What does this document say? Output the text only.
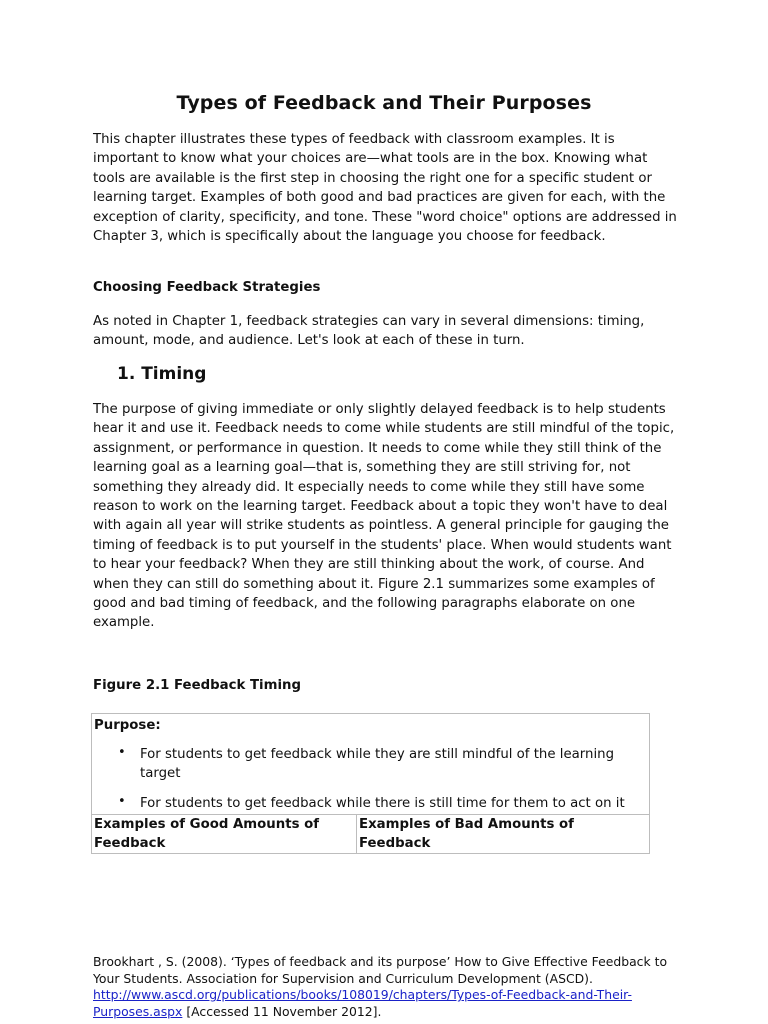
Types of Feedback and Their Purposes

This chapter illustrates these types of feedback with classroom examples. It is important to know what your choices are—what tools are in the box. Knowing what tools are available is the first step in choosing the right one for a specific student or learning target. Examples of both good and bad practices are given for each, with the exception of clarity, specificity, and tone. These "word choice" options are addressed in Chapter 3, which is specifically about the language you choose for feedback.

Choosing Feedback Strategies

As noted in Chapter 1, feedback strategies can vary in several dimensions: timing, amount, mode, and audience. Let's look at each of these in turn.

1. Timing

The purpose of giving immediate or only slightly delayed feedback is to help students hear it and use it. Feedback needs to come while students are still mindful of the topic, assignment, or performance in question. It needs to come while they still think of the learning goal as a learning goal—that is, something they are still striving for, not something they already did. It especially needs to come while they still have some reason to work on the learning target. Feedback about a topic they won't have to deal with again all year will strike students as pointless. A general principle for gauging the timing of feedback is to put yourself in the students' place. When would students want to hear your feedback? When they are still thinking about the work, of course. And when they can still do something about it. Figure 2.1 summarizes some examples of good and bad timing of feedback, and the following paragraphs elaborate on one example.

Figure 2.1 Feedback Timing

Purpose:
• For students to get feedback while they are still mindful of the learning target
• For students to get feedback while there is still time for them to act on it

Examples of Good Amounts of Feedback	Examples of Bad Amounts of Feedback

Brookhart , S. (2008). ‘Types of feedback and its purpose’ How to Give Effective Feedback to Your Students. Association for Supervision and Curriculum Development (ASCD). http://www.ascd.org/publications/books/108019/chapters/Types-of-Feedback-and-Their-Purposes.aspx [Accessed 11 November 2012].
